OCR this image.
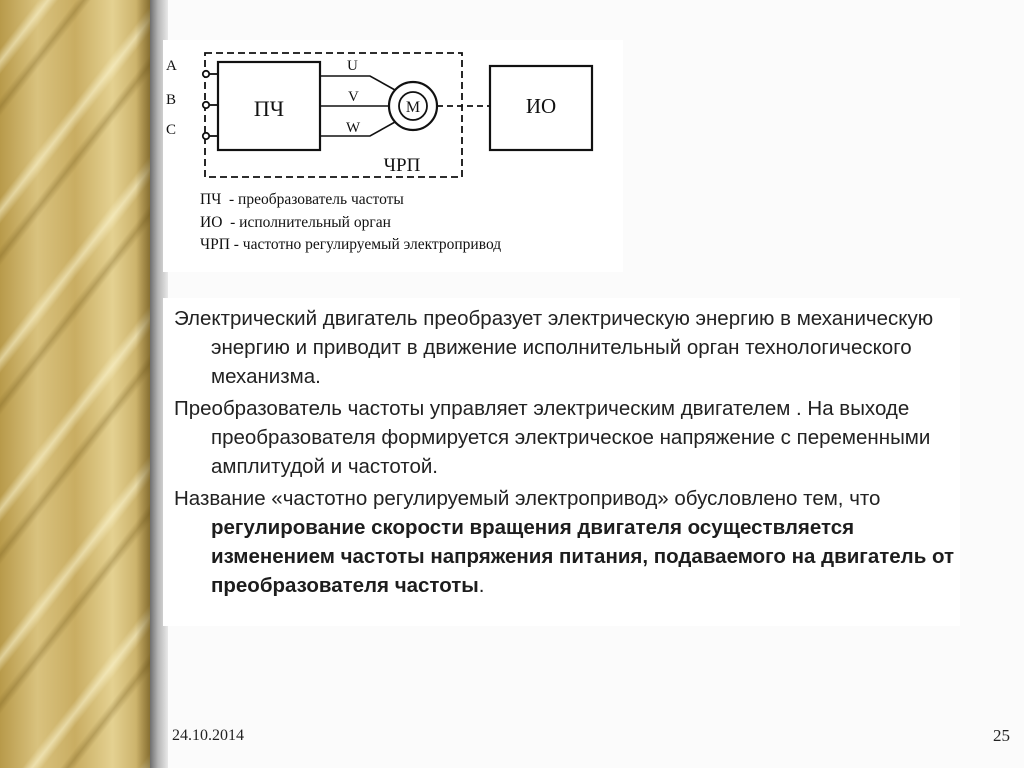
A
B
C
ПЧ
U
V
W
M	ИО
ЧРП
ПЧ  - преобразователь частоты
ИО  - исполнительный орган
ЧРП - частотно регулируемый электропривод

Электрический двигатель преобразует электрическую энергию в механическую энергию и приводит в движение исполнительный орган технологического механизма.

Преобразователь частоты управляет электрическим двигателем . На выходе преобразователя формируется электрическое напряжение с переменными амплитудой и частотой.

Название «частотно регулируемый электропривод» обусловлено тем, что регулирование скорости вращения двигателя осуществляется изменением частоты напряжения питания, подаваемого на двигатель от преобразователя частоты.

24.10.2014	25
